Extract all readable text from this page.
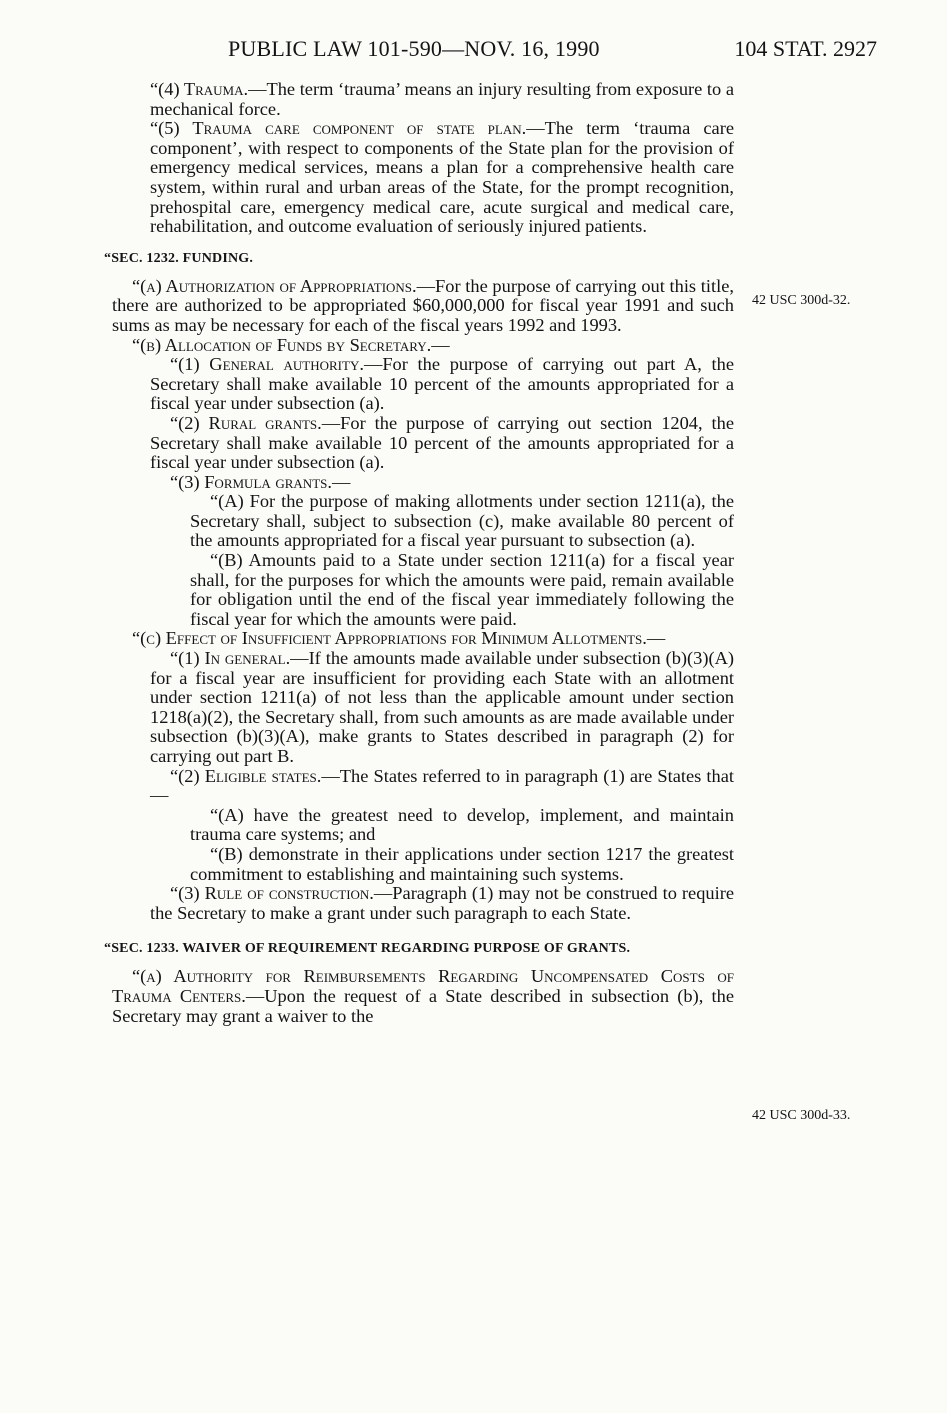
PUBLIC LAW 101-590—NOV. 16, 1990	104 STAT. 2927
42 USC 300d-32.
42 USC 300d-33.

“(4) Trauma.—The term ‘trauma’ means an injury resulting from exposure to a mechanical force.

“(5) Trauma care component of state plan.—The term ‘trauma care component’, with respect to components of the State plan for the provision of emergency medical services, means a plan for a comprehensive health care system, within rural and urban areas of the State, for the prompt recognition, prehospital care, emergency medical care, acute surgical and medical care, rehabilitation, and outcome evaluation of seriously injured patients.

“SEC. 1232. FUNDING.

“(a) Authorization of Appropriations.—For the purpose of carrying out this title, there are authorized to be appropriated $60,000,000 for fiscal year 1991 and such sums as may be necessary for each of the fiscal years 1992 and 1993.

“(b) Allocation of Funds by Secretary.—

“(1) General authority.—For the purpose of carrying out part A, the Secretary shall make available 10 percent of the amounts appropriated for a fiscal year under subsection (a).

“(2) Rural grants.—For the purpose of carrying out section 1204, the Secretary shall make available 10 percent of the amounts appropriated for a fiscal year under subsection (a).

“(3) Formula grants.—

“(A) For the purpose of making allotments under section 1211(a), the Secretary shall, subject to subsection (c), make available 80 percent of the amounts appropriated for a fiscal year pursuant to subsection (a).

“(B) Amounts paid to a State under section 1211(a) for a fiscal year shall, for the purposes for which the amounts were paid, remain available for obligation until the end of the fiscal year immediately following the fiscal year for which the amounts were paid.

“(c) Effect of Insufficient Appropriations for Minimum Allotments.—

“(1) In general.—If the amounts made available under subsection (b)(3)(A) for a fiscal year are insufficient for providing each State with an allotment under section 1211(a) of not less than the applicable amount under section 1218(a)(2), the Secretary shall, from such amounts as are made available under subsection (b)(3)(A), make grants to States described in paragraph (2) for carrying out part B.

“(2) Eligible states.—The States referred to in paragraph (1) are States that—

“(A) have the greatest need to develop, implement, and maintain trauma care systems; and

“(B) demonstrate in their applications under section 1217 the greatest commitment to establishing and maintaining such systems.

“(3) Rule of construction.—Paragraph (1) may not be construed to require the Secretary to make a grant under such paragraph to each State.

“SEC. 1233. WAIVER OF REQUIREMENT REGARDING PURPOSE OF GRANTS.

“(a) Authority for Reimbursements Regarding Uncompensated Costs of Trauma Centers.—Upon the request of a State described in subsection (b), the Secretary may grant a waiver to the
